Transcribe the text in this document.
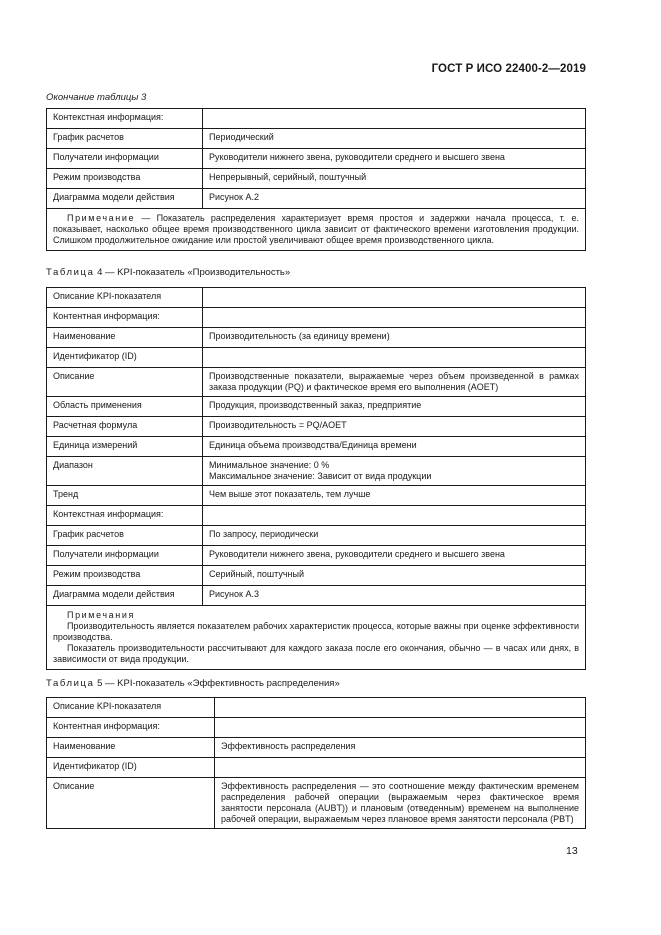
ГОСТ Р ИСО 22400-2—2019
Окончание таблицы 3
Контекстная информация:	
График расчетов	Периодический
Получатели информации	Руководители нижнего звена, руководители среднего и высшего звена
Режим производства	Непрерывный, серийный, поштучный
Диаграмма модели действия	Рисунок А.2

Примечание — Показатель распределения характеризует время простоя и задержки начала процесса, т. е. показывает, насколько общее время производственного цикла зависит от фактического времени изготовления продукции. Слишком продолжительное ожидание или простой увеличивают общее время производственного цикла.	

Таблица 4 — KPI-показатель «Производительность»
Описание KPI-показателя	
Контентная информация:	
Наименование	Производительность (за единицу времени)
Идентификатор (ID)	
Описание	Производственные показатели, выражаемые через объем произведенной в рамках заказа продукции (PQ) и фактическое время его выполнения (AOET)
Область применения	Продукция, производственный заказ, предприятие
Расчетная формула	Производительность = PQ/AOET
Единица измерений	Единица объема производства/Единица времени
Диапазон	Минимальное значение: 0 %
Максимальное значение: Зависит от вида продукции

Тренд	Чем выше этот показатель, тем лучше
Контекстная информация:	
График расчетов	По запросу, периодически
Получатели информации	Руководители нижнего звена, руководители среднего и высшего звена
Режим производства	Серийный, поштучный
Диаграмма модели действия	Рисунок А.3

Примечания

Производительность является показателем рабочих характеристик процесса, которые важны при оценке эффективности производства.

Показатель производительности рассчитывают для каждого заказа после его окончания, обычно — в часах или днях, в зависимости от вида продукции.	

Таблица 5 — KPI-показатель «Эффективность распределения»
Описание KPI-показателя	
Контентная информация:	
Наименование	Эффективность распределения
Идентификатор (ID)	
Описание	Эффективность распределения — это соотношение между фактическим временем распределения рабочей операции (выражаемым через фактическое время занятости персонала (AUBT)) и плановым (отведенным) временем на выполнение рабочей операции, выражаемым через плановое время занятости персонала (PBT)
13
